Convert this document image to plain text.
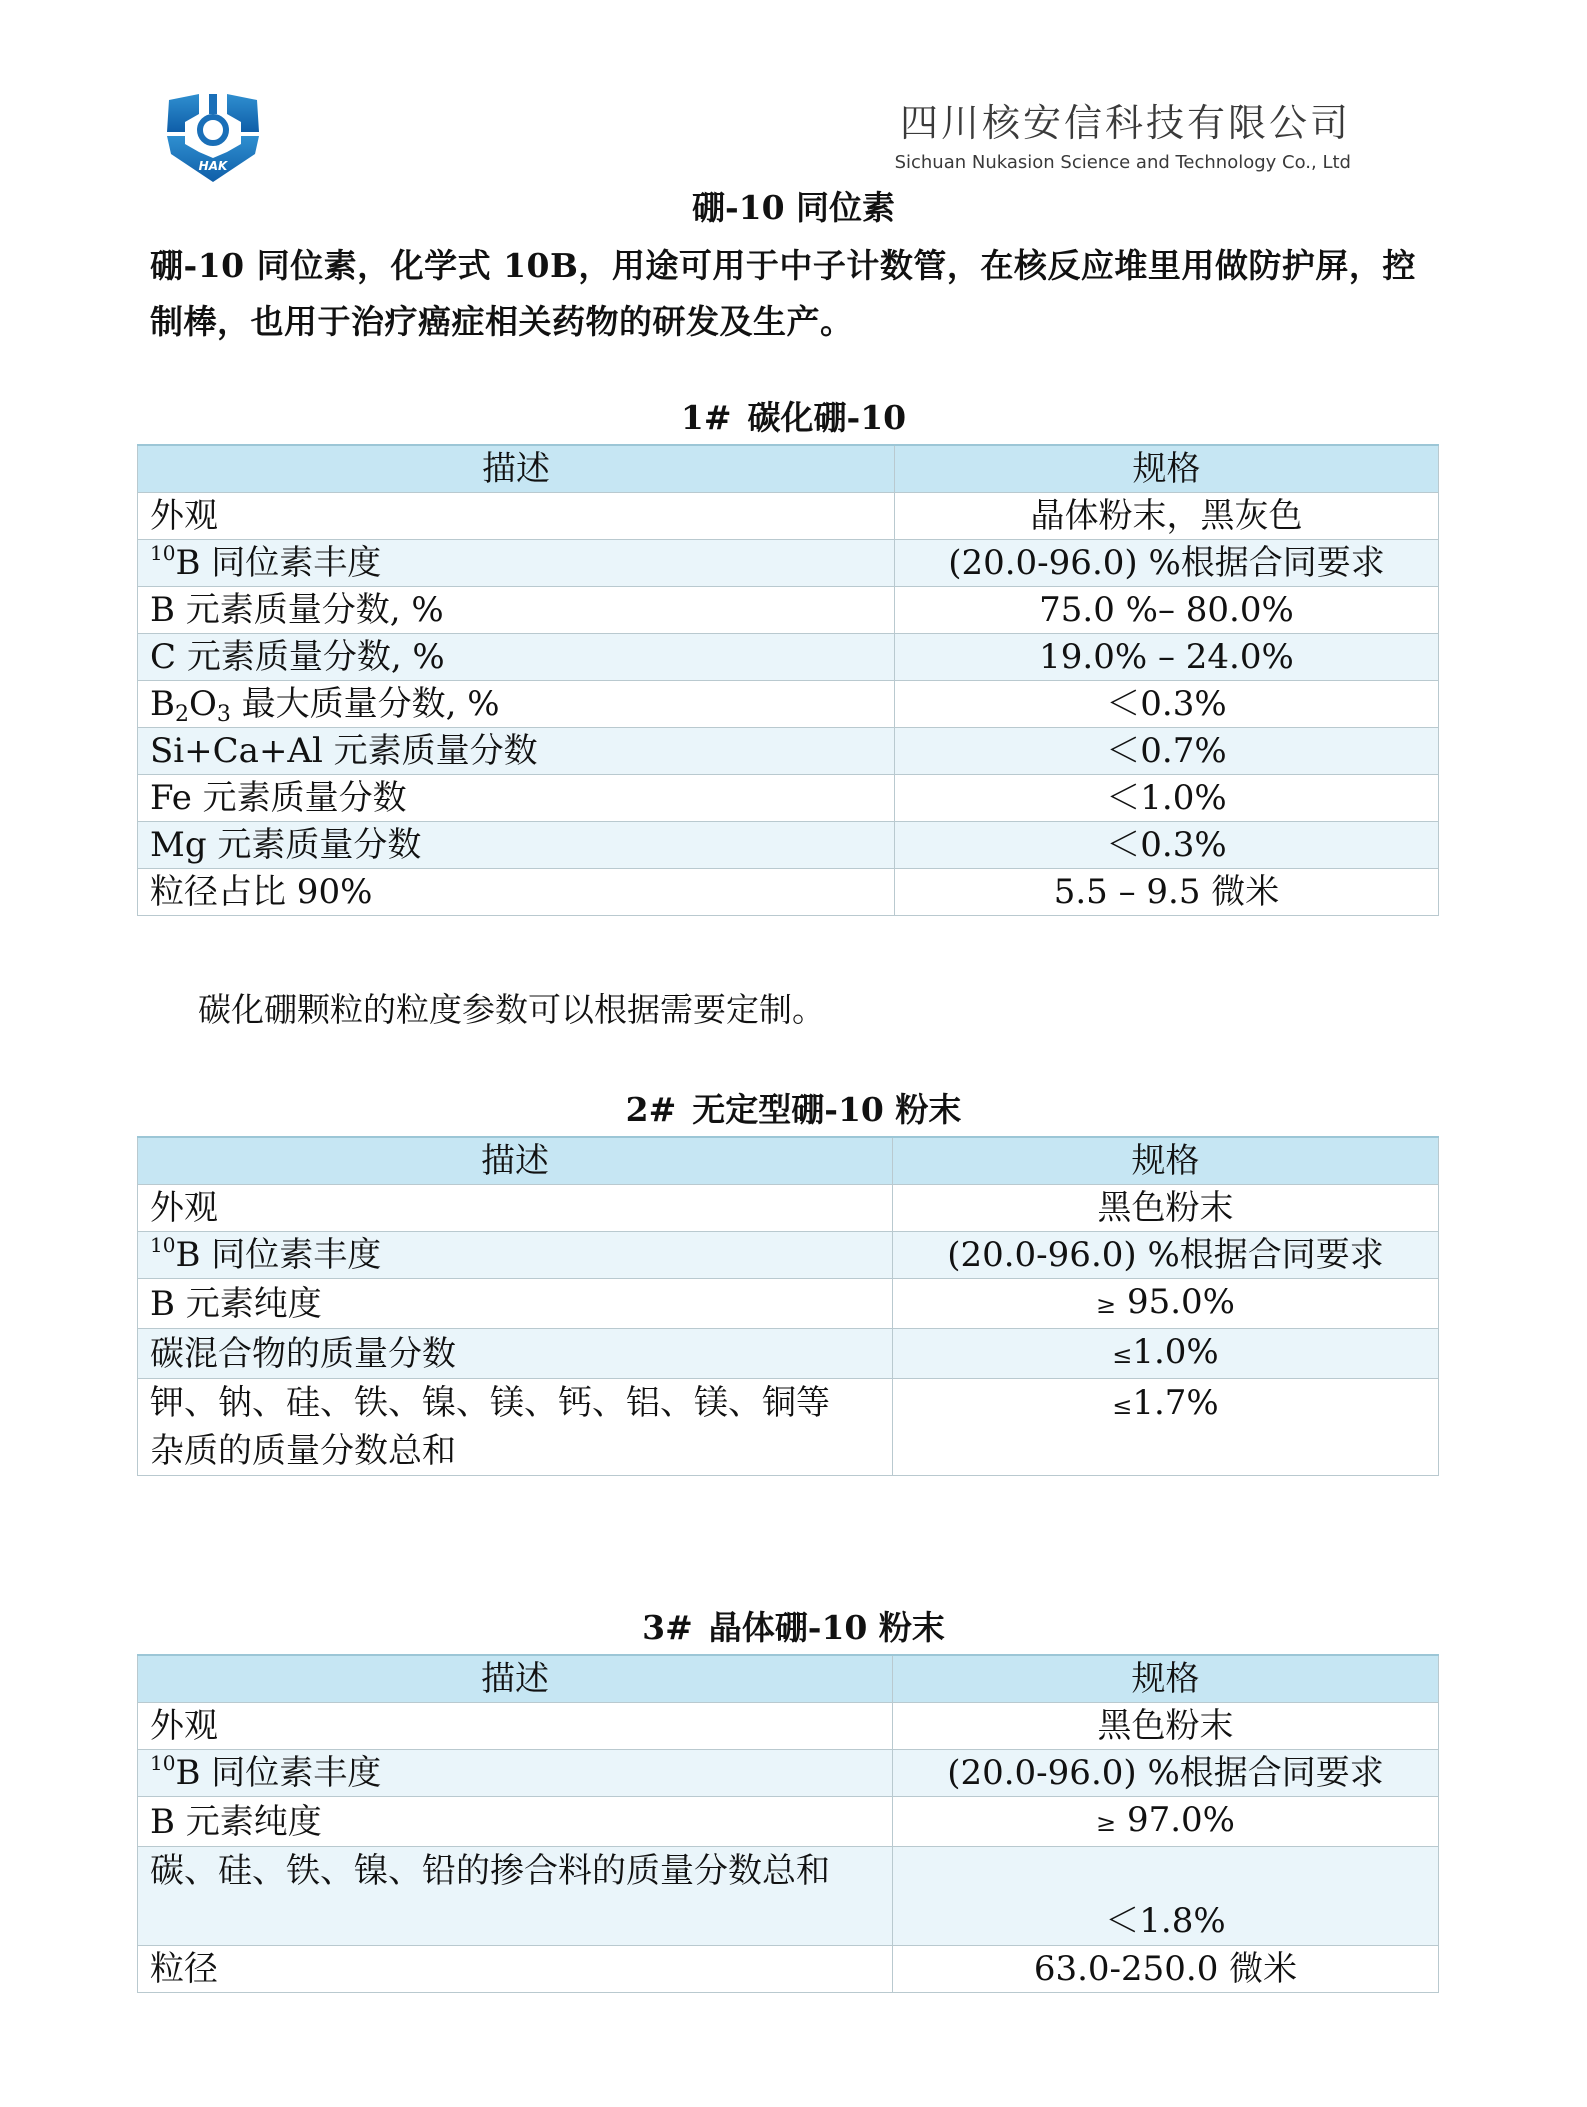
HAK
四川核安信科技有限公司
Sichuan Nukasion Science and Technology Co., Ltd
硼-10 同位素
硼-10 同位素，化学式 10B，用途可用于中子计数管，在核反应堆里用做防护屏，控制棒，也用于治疗癌症相关药物的研发及生产。
1# 碳化硼-10
描述	规格
外观	晶体粉末，黑灰色
$^{10}$B 同位素丰度	(20.0-96.0) %根据合同要求
B 元素质量分数, %	75.0 %– 80.0%
C 元素质量分数, %	19.0% – 24.0%
$B_2O_3$ 最大质量分数, %	＜0.3%
Si+Ca+Al 元素质量分数	＜0.7%
Fe 元素质量分数	＜1.0%
Mg 元素质量分数	＜0.3%
粒径占比 90%	5.5 – 9.5 微米
碳化硼颗粒的粒度参数可以根据需要定制。
2# 无定型硼-10 粉末
描述	规格
外观	黑色粉末
$^{10}$B 同位素丰度	(20.0-96.0) %根据合同要求
B 元素纯度	≥ 95.0%
碳混合物的质量分数	≤1.0%

钾、钠、硅、铁、镍、镁、钙、铝、镁、铜等
杂质的质量分数总和	≤1.7%
3# 晶体硼-10 粉末
描述	规格
外观	黑色粉末
$^{10}$B 同位素丰度	(20.0-96.0) %根据合同要求
B 元素纯度	≥ 97.0%
碳、硅、铁、镍、铅的掺合料的质量分数总和	＜1.8%
粒径	63.0-250.0 微米
